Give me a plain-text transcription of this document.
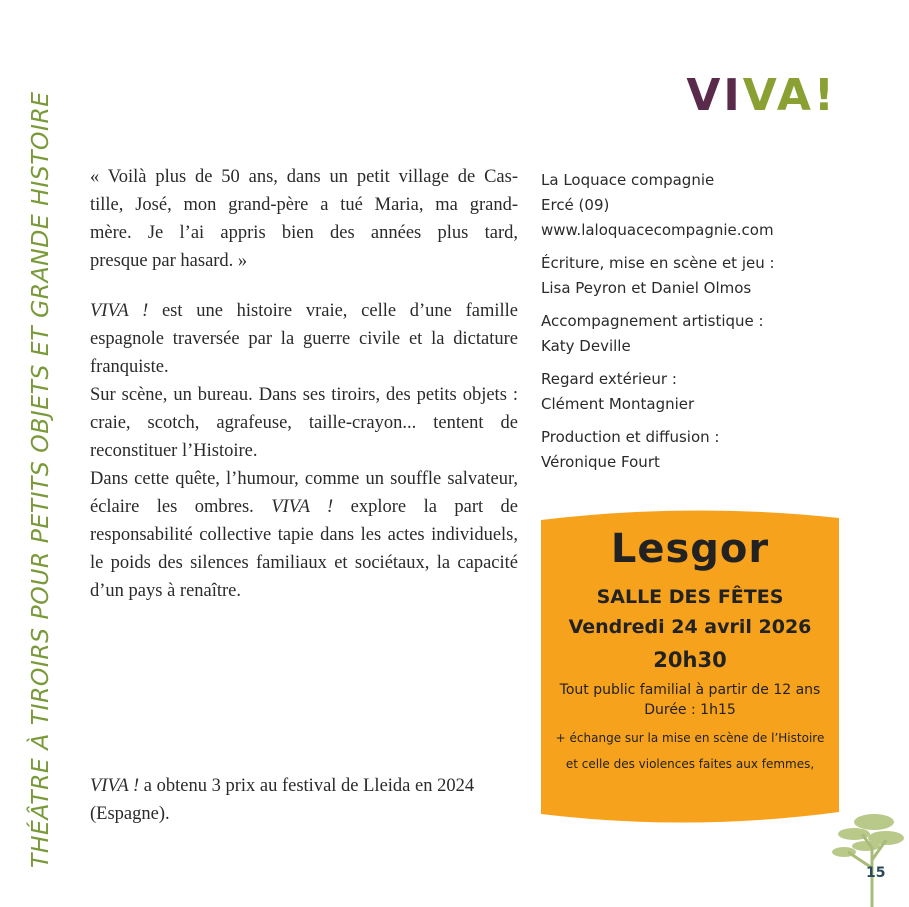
THÉÂTRE À TIROIRS POUR PETITS OBJETS ET GRANDE HISTOIRE	VIVA!

« Voilà plus de 50 ans, dans un petit village de Cas-
tille, José, mon grand-père a tué Maria, ma grand-
mère. Je l’ai appris bien des années plus tard,
presque par hasard. »

VIVA ! est une histoire vraie, celle d’une famille espagnole traversée par la guerre civile et la dictature franquiste.

Sur scène, un bureau. Dans ses tiroirs, des petits objets : craie, scotch, agrafeuse, taille-crayon... tentent de reconstituer l’Histoire.

Dans cette quête, l’humour, comme un souffle salvateur, éclaire les ombres. VIVA ! explore la part de responsabilité collective tapie dans les actes individuels, le poids des silences familiaux et sociétaux, la capacité d’un pays à renaître.

VIVA ! a obtenu 3 prix au festival de Lleida en 2024

(Espagne).

La Loquace compagnie
Ercé (09)
www.laloquacecompagnie.com
Écriture, mise en scène et jeu :
Lisa Peyron et Daniel Olmos
Accompagnement artistique :
Katy Deville
Regard extérieur :
Clément Montagnier
Production et diffusion :
Véronique Fourt
Lesgor
SALLE DES FÊTES
Vendredi 24 avril 2026
20h30
Tout public familial à partir de 12 ans
Durée : 1h15
+ échange sur la mise en scène de l’Histoire
et celle des violences faites aux femmes,
15
